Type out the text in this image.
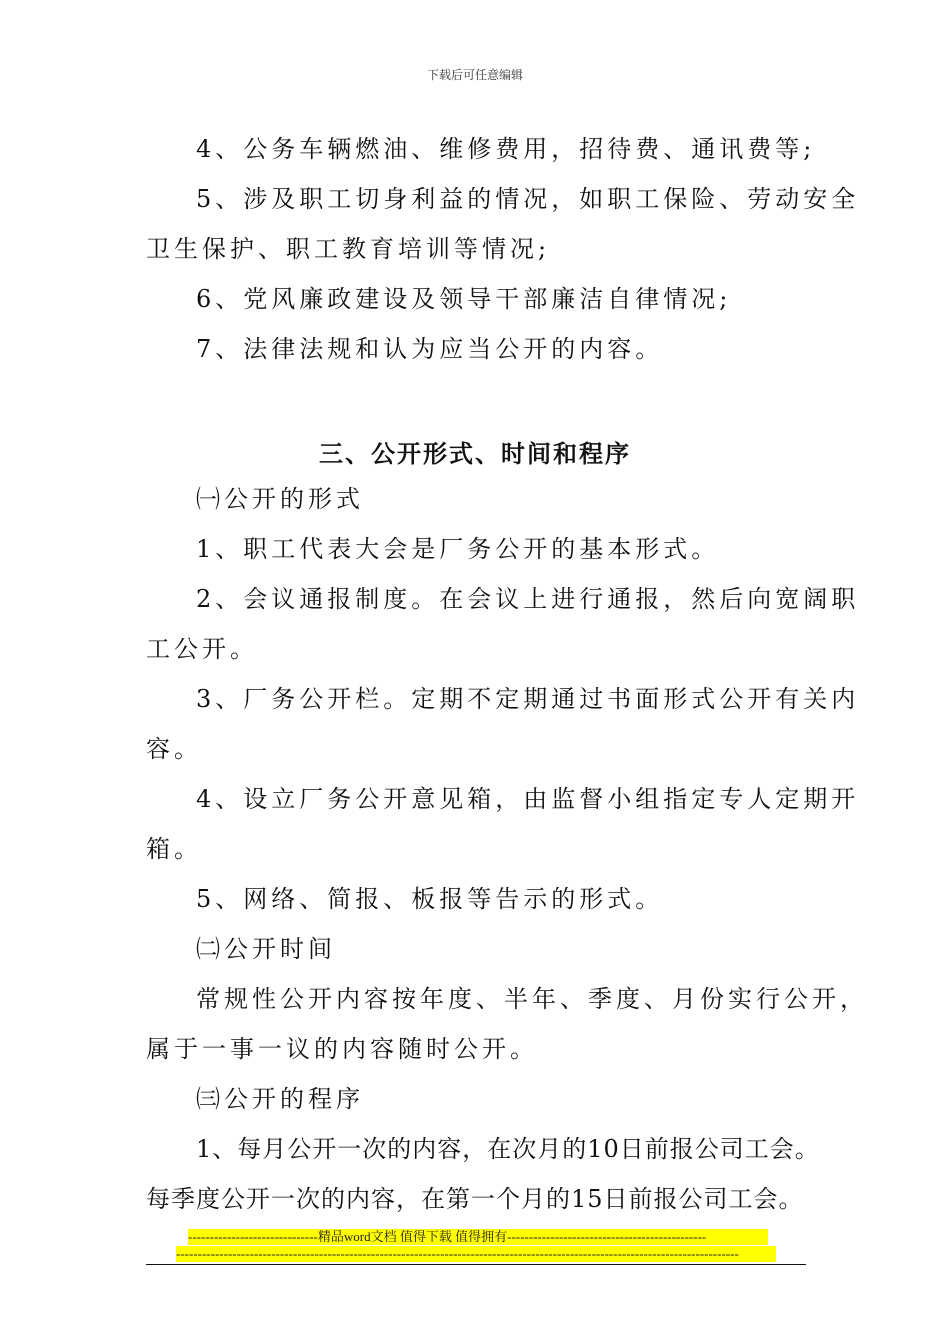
下载后可任意编辑
4、公务车辆燃油、维修费用，招待费、通讯费等;
5、涉及职工切身利益的情况，如职工保险、劳动安全
卫生保护、职工教育培训等情况;
6、党风廉政建设及领导干部廉洁自律情况;
7、法律法规和认为应当公开的内容。
三、公开形式、时间和程序
㈠公开的形式
1、职工代表大会是厂务公开的基本形式。
2、会议通报制度。在会议上进行通报，然后向宽阔职
工公开。
3、厂务公开栏。定期不定期通过书面形式公开有关内
容。
4、设立厂务公开意见箱，由监督小组指定专人定期开
箱。
5、网络、简报、板报等告示的形式。
㈡公开时间
常规性公开内容按年度、半年、季度、月份实行公开，
属于一事一议的内容随时公开。
㈢公开的程序
1、每月公开一次的内容，在次月的10日前报公司工会。
每季度公开一次的内容，在第一个月的15日前报公司工会。
------------------------------精品word文档 值得下载 值得拥有----------------------------------------------
----------------------------------------------------------------------------------------------------------------------------------
